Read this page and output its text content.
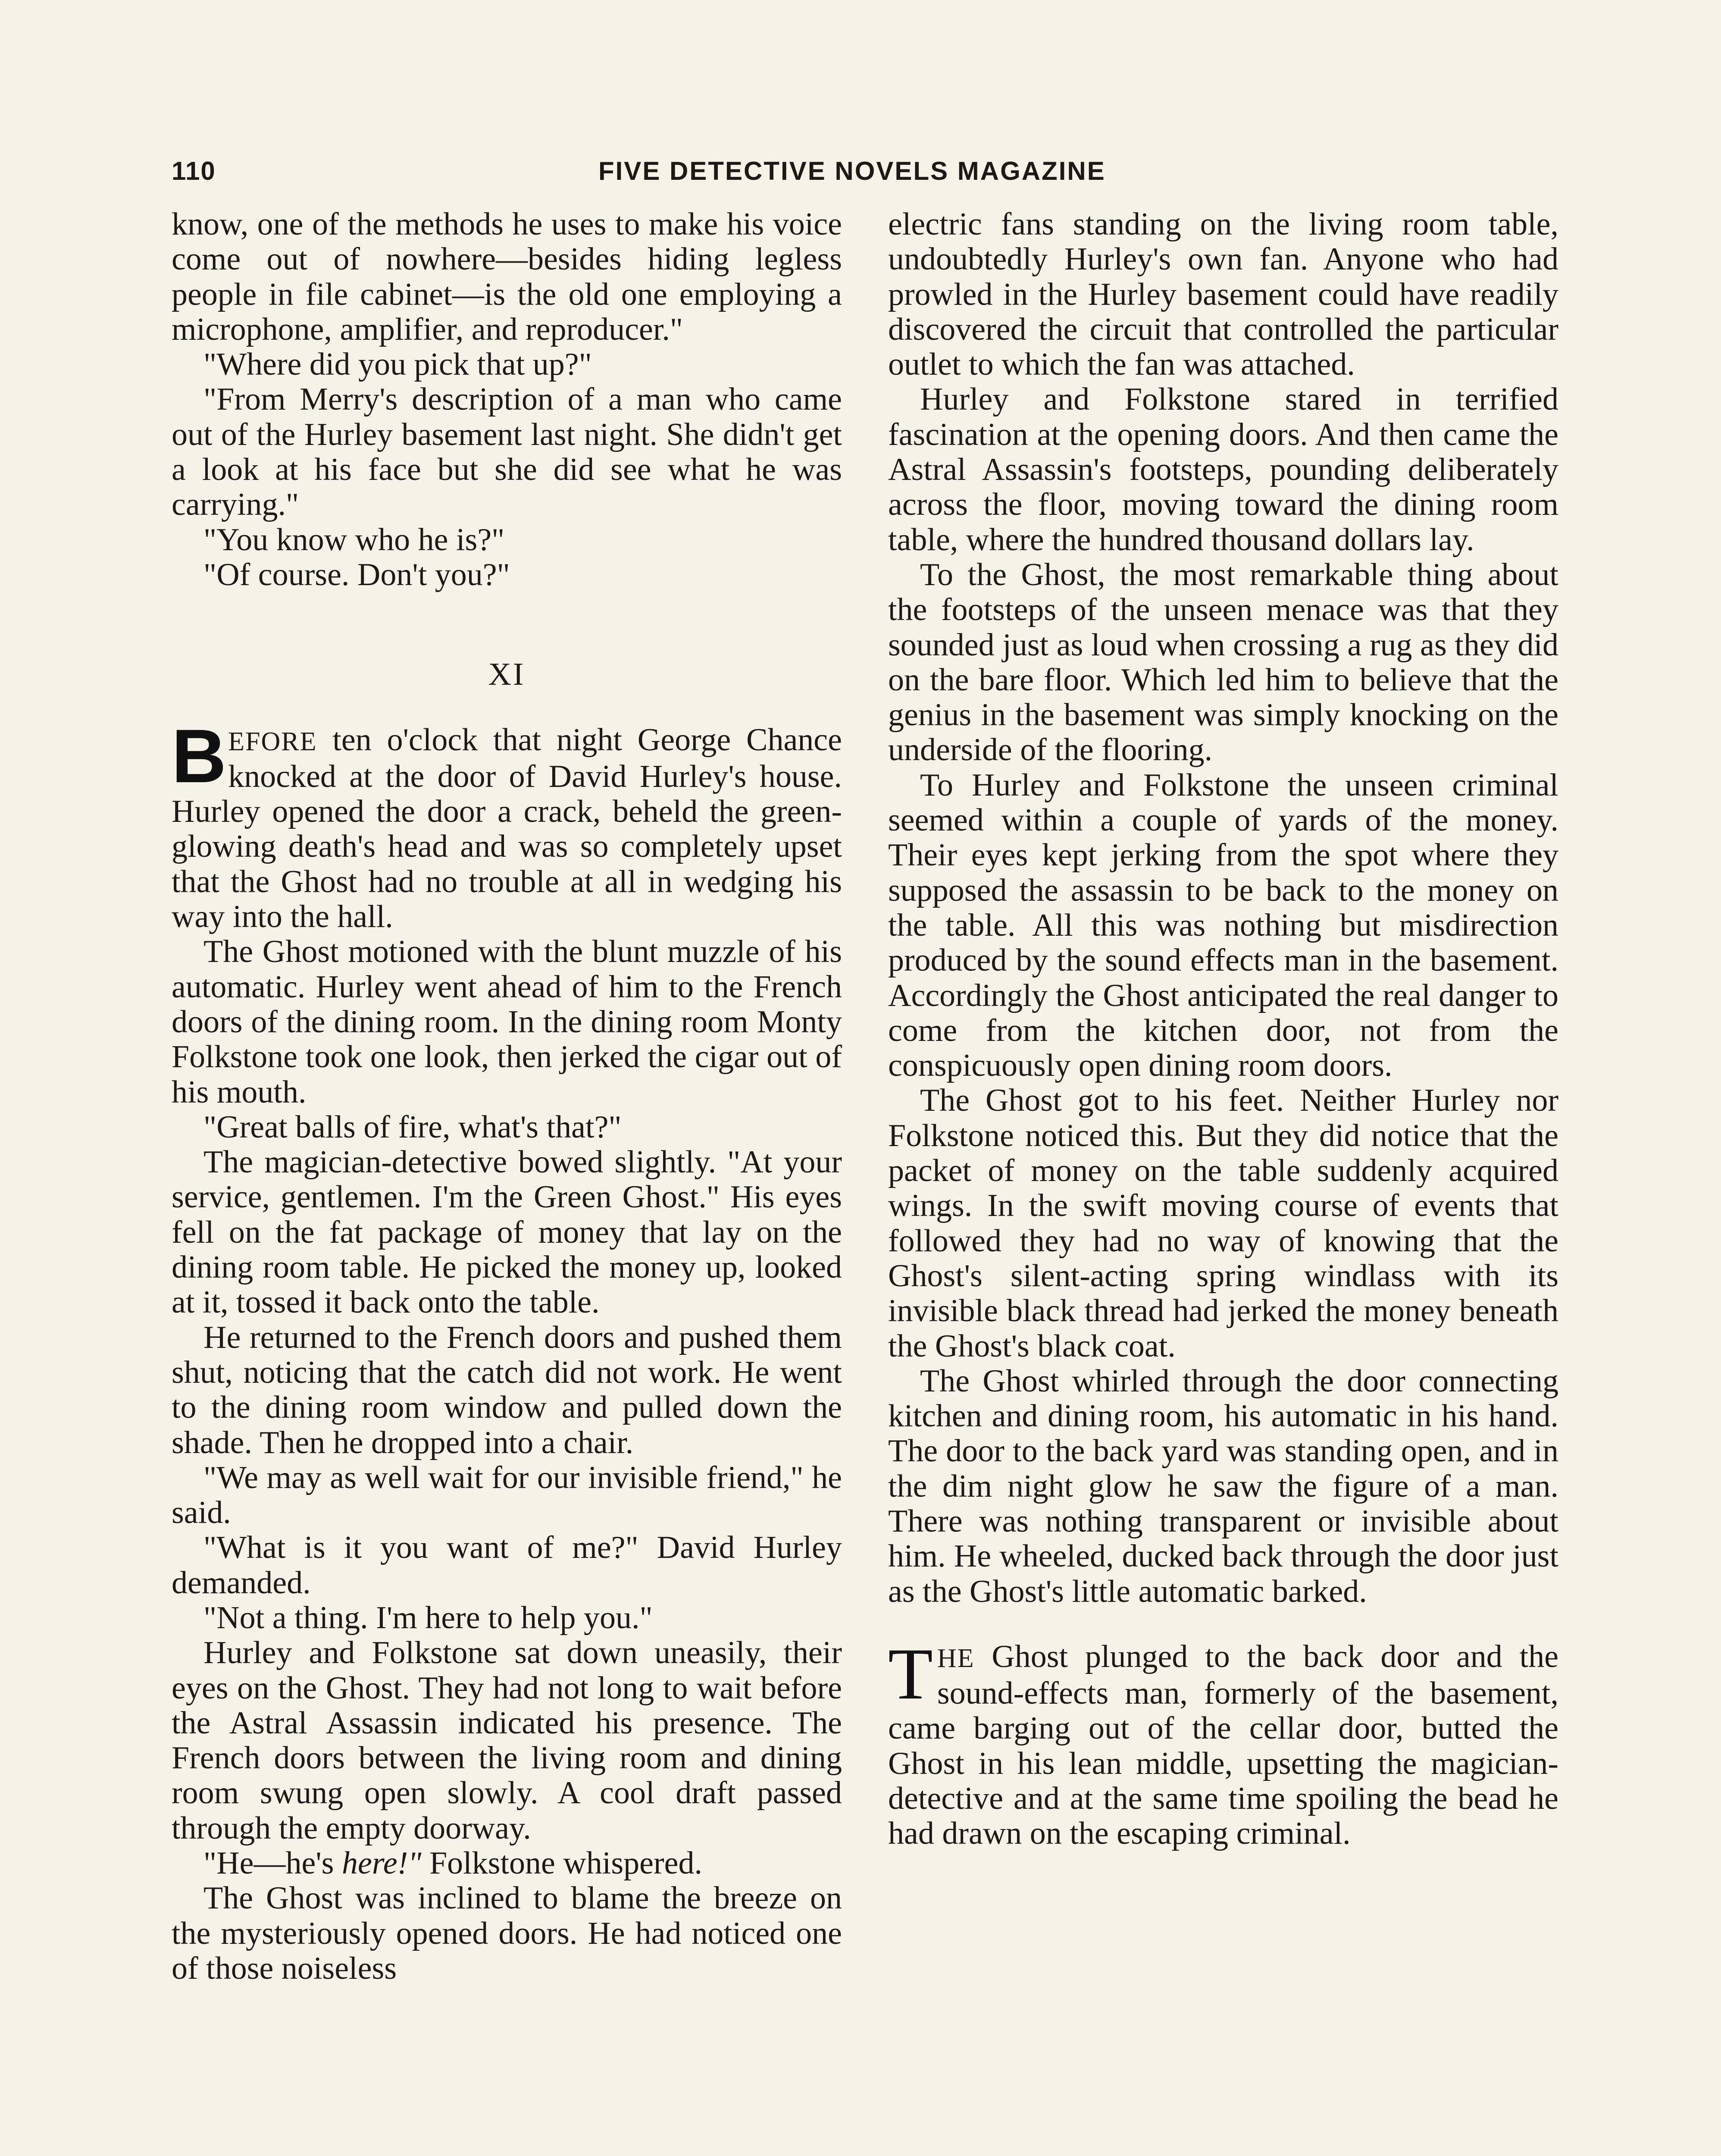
110	FIVE DETECTIVE NOVELS MAGAZINE

know, one of the methods he uses to make his voice come out of nowhere—besides hiding legless people in file cabinet—is the old one employing a microphone, amplifier, and reproducer."

"Where did you pick that up?"

"From Merry's description of a man who came out of the Hurley basement last night. She didn't get a look at his face but she did see what he was carrying."

"You know who he is?"

"Of course. Don't you?"

XI

BEFORE ten o'clock that night George Chance knocked at the door of David Hurley's house. Hurley opened the door a crack, beheld the green-glowing death's head and was so completely upset that the Ghost had no trouble at all in wedging his way into the hall.

The Ghost motioned with the blunt muzzle of his automatic. Hurley went ahead of him to the French doors of the dining room. In the dining room Monty Folkstone took one look, then jerked the cigar out of his mouth.

"Great balls of fire, what's that?"

The magician-detective bowed slightly. "At your service, gentlemen. I'm the Green Ghost." His eyes fell on the fat package of money that lay on the dining room table. He picked the money up, looked at it, tossed it back onto the table.

He returned to the French doors and pushed them shut, noticing that the catch did not work. He went to the dining room window and pulled down the shade. Then he dropped into a chair.

"We may as well wait for our invisible friend," he said.

"What is it you want of me?" David Hurley demanded.

"Not a thing. I'm here to help you."

Hurley and Folkstone sat down uneasily, their eyes on the Ghost. They had not long to wait before the Astral Assassin indicated his presence. The French doors between the living room and dining room swung open slowly. A cool draft passed through the empty doorway.

"He—he's here!" Folkstone whispered.

The Ghost was inclined to blame the breeze on the mysteriously opened doors. He had noticed one of those noiseless

electric fans standing on the living room table, undoubtedly Hurley's own fan. Anyone who had prowled in the Hurley basement could have readily discovered the circuit that controlled the particular outlet to which the fan was attached.

Hurley and Folkstone stared in terrified fascination at the opening doors. And then came the Astral Assassin's footsteps, pounding deliberately across the floor, moving toward the dining room table, where the hundred thousand dollars lay.

To the Ghost, the most remarkable thing about the footsteps of the unseen menace was that they sounded just as loud when crossing a rug as they did on the bare floor. Which led him to believe that the genius in the basement was simply knocking on the underside of the flooring.

To Hurley and Folkstone the unseen criminal seemed within a couple of yards of the money. Their eyes kept jerking from the spot where they supposed the assassin to be back to the money on the table. All this was nothing but misdirection produced by the sound effects man in the basement. Accordingly the Ghost anticipated the real danger to come from the kitchen door, not from the conspicuously open dining room doors.

The Ghost got to his feet. Neither Hurley nor Folkstone noticed this. But they did notice that the packet of money on the table suddenly acquired wings. In the swift moving course of events that followed they had no way of knowing that the Ghost's silent-acting spring windlass with its invisible black thread had jerked the money beneath the Ghost's black coat.

The Ghost whirled through the door connecting kitchen and dining room, his automatic in his hand. The door to the back yard was standing open, and in the dim night glow he saw the figure of a man. There was nothing transparent or invisible about him. He wheeled, ducked back through the door just as the Ghost's little automatic barked.

THE Ghost plunged to the back door and the sound-effects man, formerly of the basement, came barging out of the cellar door, butted the Ghost in his lean middle, upsetting the magician-detective and at the same time spoiling the bead he had drawn on the escaping criminal.
